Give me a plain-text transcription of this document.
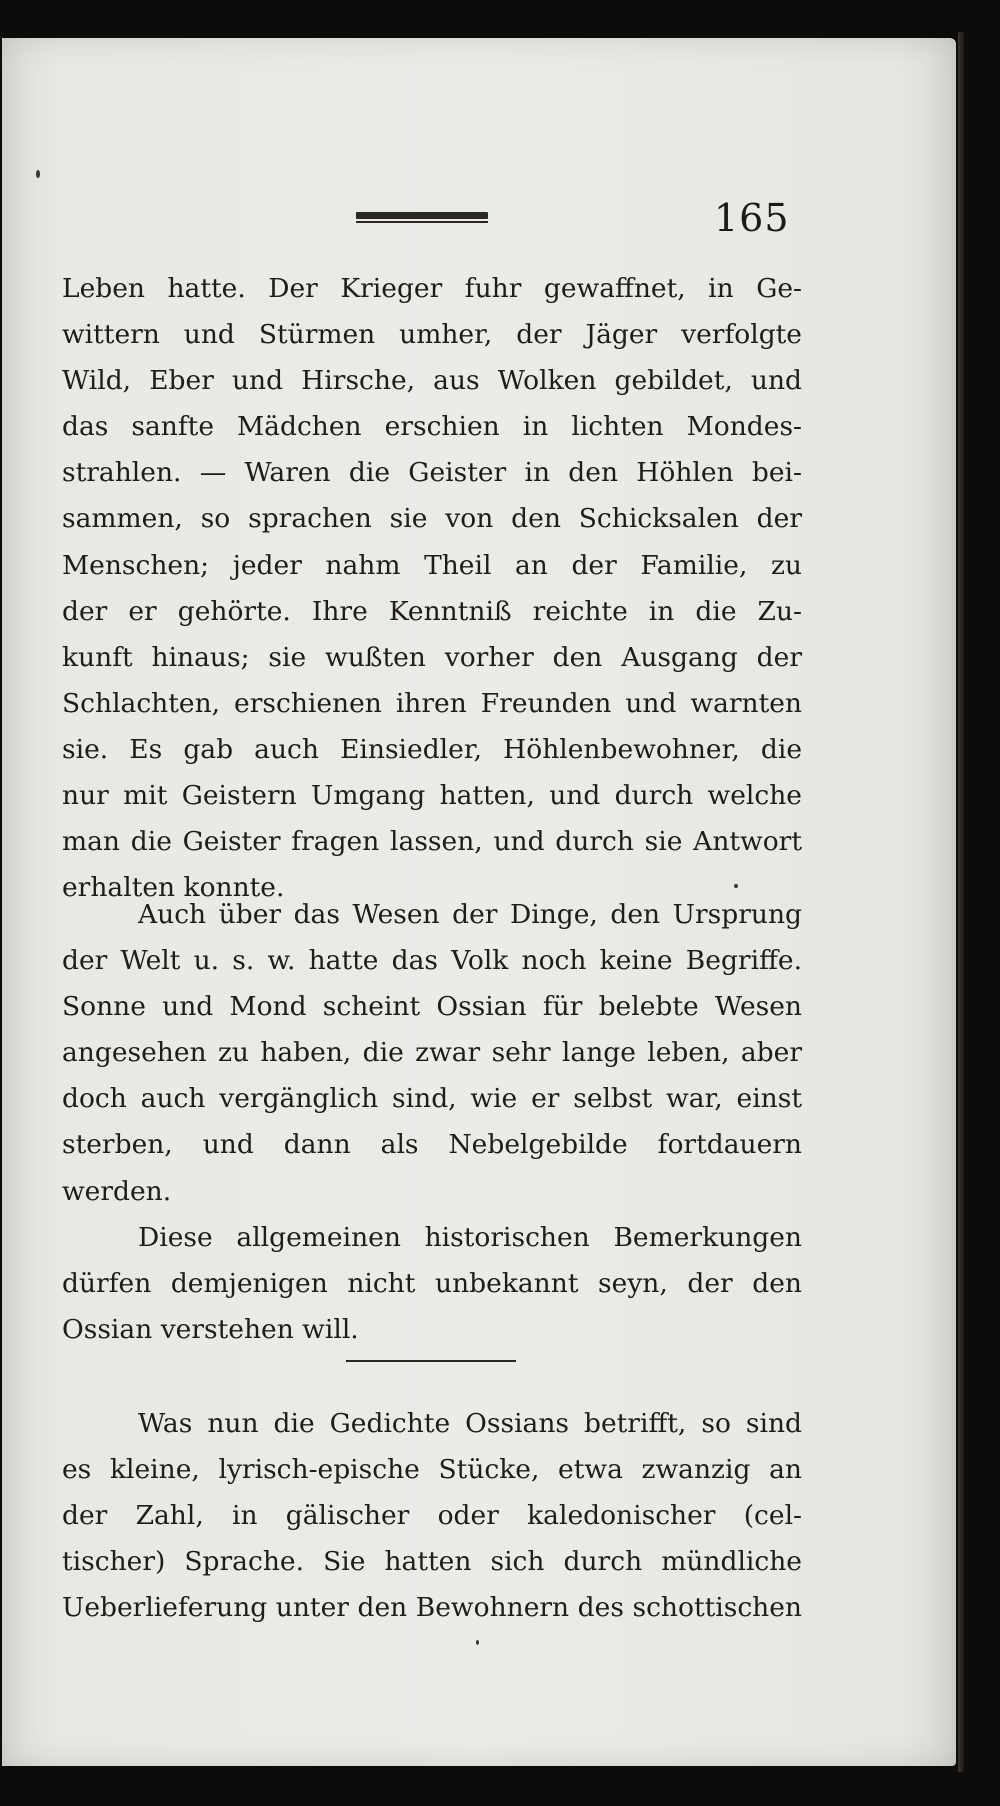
165
Leben hatte. Der Krieger fuhr gewaffnet, in Ge-
wittern und Stürmen umher, der Jäger verfolgte
Wild, Eber und Hirsche, aus Wolken gebildet, und
das sanfte Mädchen erschien in lichten Mondes-
strahlen. — Waren die Geister in den Höhlen bei-
sammen, so sprachen sie von den Schicksalen der
Menschen; jeder nahm Theil an der Familie, zu
der er gehörte. Ihre Kenntniß reichte in die Zu-
kunft hinaus; sie wußten vorher den Ausgang der
Schlachten, erschienen ihren Freunden und warnten
sie. Es gab auch Einsiedler, Höhlenbewohner, die
nur mit Geistern Umgang hatten, und durch welche
man die Geister fragen lassen, und durch sie Antwort
erhalten konnte.
Auch über das Wesen der Dinge, den Ursprung
der Welt u. s. w. hatte das Volk noch keine Begriffe.
Sonne und Mond scheint Ossian für belebte Wesen
angesehen zu haben, die zwar sehr lange leben, aber
doch auch vergänglich sind, wie er selbst war, einst
sterben, und dann als Nebelgebilde fortdauern
werden.
Diese allgemeinen historischen Bemerkungen
dürfen demjenigen nicht unbekannt seyn, der den
Ossian verstehen will.
Was nun die Gedichte Ossians betrifft, so sind
es kleine, lyrisch-epische Stücke, etwa zwanzig an
der Zahl, in gälischer oder kaledonischer (cel-
tischer) Sprache. Sie hatten sich durch mündliche
Ueberlieferung unter den Bewohnern des schottischen
